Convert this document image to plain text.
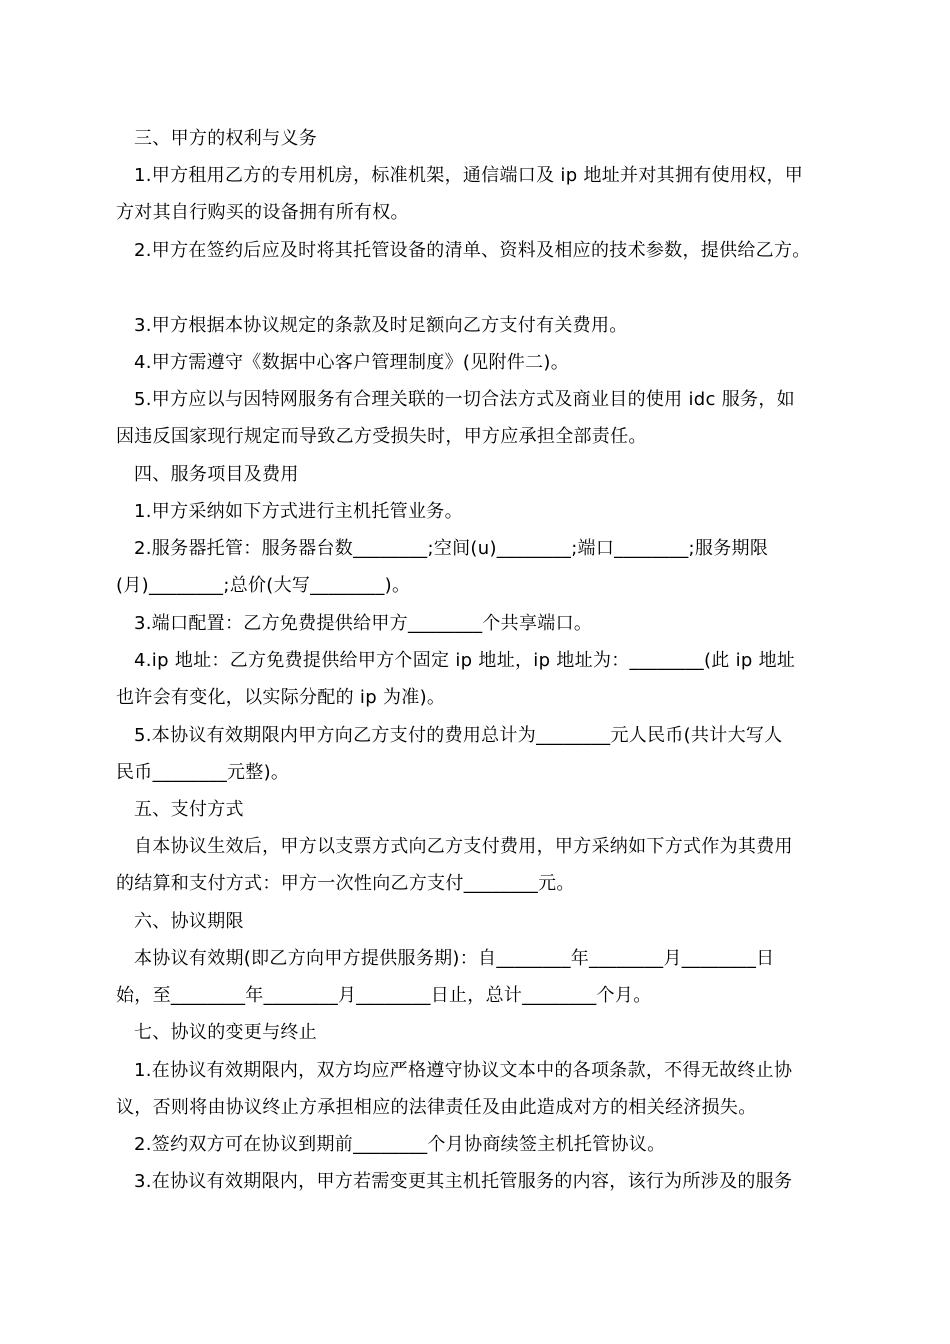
三、甲方的权利与义务
1.甲方租用乙方的专用机房，标准机架，通信端口及 ip 地址并对其拥有使用权，甲
方对其自行购买的设备拥有所有权。
2.甲方在签约后应及时将其托管设备的清单、资料及相应的技术参数，提供给乙方。
3.甲方根据本协议规定的条款及时足额向乙方支付有关费用。
4.甲方需遵守《数据中心客户管理制度》(见附件二)。
5.甲方应以与因特网服务有合理关联的一切合法方式及商业目的使用 idc 服务，如
因违反国家现行规定而导致乙方受损失时，甲方应承担全部责任。
四、服务项目及费用
1.甲方采纳如下方式进行主机托管业务。
2.服务器托管：服务器台数________;空间(u)________;端口________;服务期限
(月)________;总价(大写________)。
3.端口配置：乙方免费提供给甲方________个共享端口。
4.ip 地址：乙方免费提供给甲方个固定 ip 地址，ip 地址为：________(此 ip 地址
也许会有变化，以实际分配的 ip 为准)。
5.本协议有效期限内甲方向乙方支付的费用总计为________元人民币(共计大写人
民币________元整)。
五、支付方式
自本协议生效后，甲方以支票方式向乙方支付费用，甲方采纳如下方式作为其费用
的结算和支付方式：甲方一次性向乙方支付________元。
六、协议期限
本协议有效期(即乙方向甲方提供服务期)：自________年________月________日
始，至________年________月________日止，总计________个月。
七、协议的变更与终止
1.在协议有效期限内，双方均应严格遵守协议文本中的各项条款，不得无故终止协
议，否则将由协议终止方承担相应的法律责任及由此造成对方的相关经济损失。
2.签约双方可在协议到期前________个月协商续签主机托管协议。
3.在协议有效期限内，甲方若需变更其主机托管服务的内容，该行为所涉及的服务
